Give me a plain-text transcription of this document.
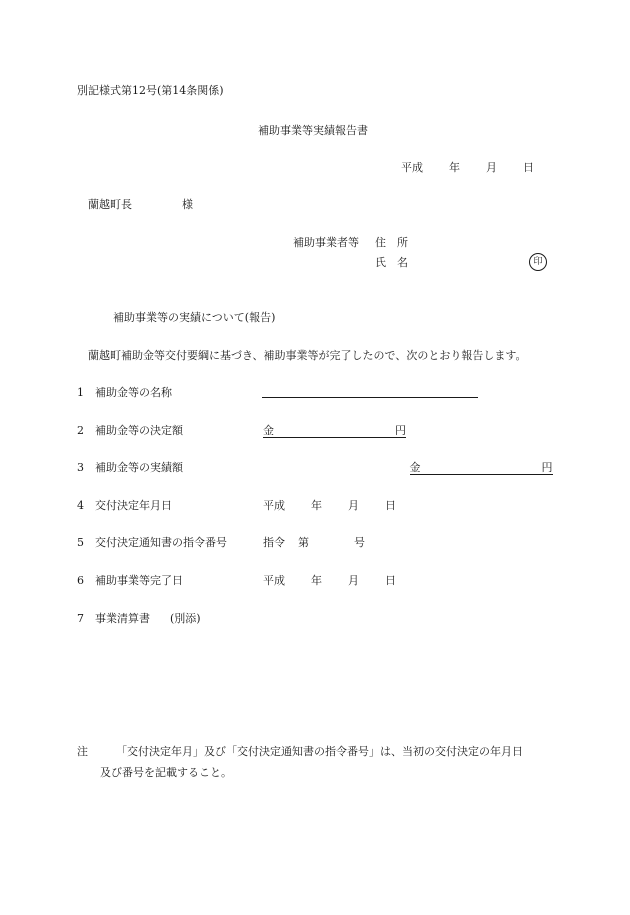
別記様式第12号(第14条関係)
補助事業等実績報告書
平成 年 月 日
蘭越町長	様
補助事業者等 住　所
氏　名	印
補助事業等の実績について(報告)
蘭越町補助金等交付要綱に基づき、補助事業等が完了したので、次のとおり報告します。
1 補助金等の名称
2 補助金等の決定額	金	円

3 補助金等の実績額	金	円
4 交付決定年月日	平成 年 月 日
5 交付決定通知書の指令番号	指令 第	号
6 補助事業等完了日	平成 年 月 日
7 事業清算書 (別添)
注	「交付決定年月」及び「交付決定通知書の指令番号」は、当初の交付決定の年月日
及び番号を記載すること。
